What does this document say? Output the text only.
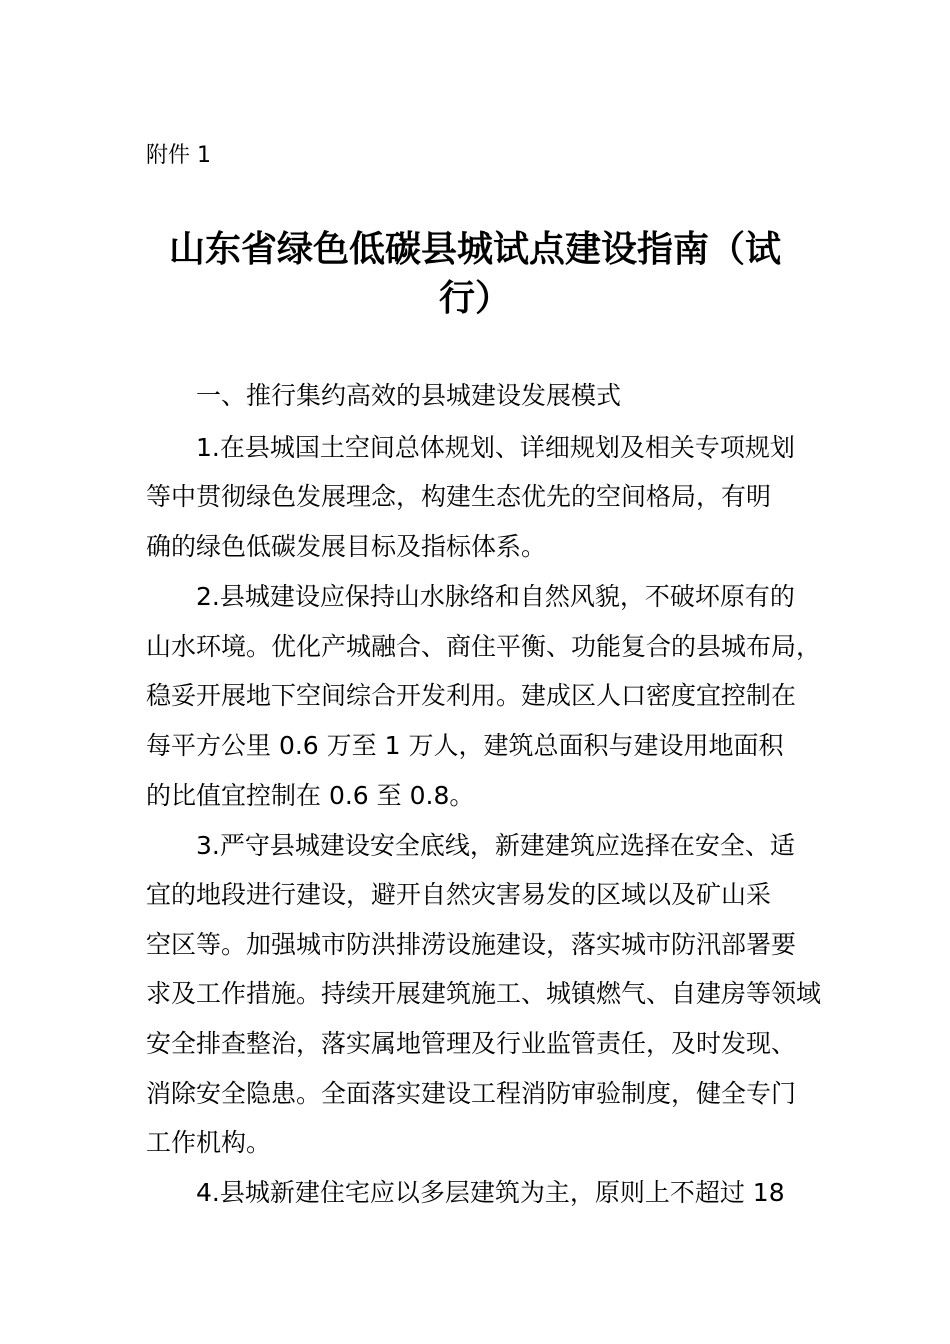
附件 1
山东省绿色低碳县城试点建设指南（试
行）
一、推行集约高效的县城建设发展模式
1.在县城国土空间总体规划、详细规划及相关专项规划
等中贯彻绿色发展理念，构建生态优先的空间格局，有明
确的绿色低碳发展目标及指标体系。
2.县城建设应保持山水脉络和自然风貌，不破坏原有的
山水环境。优化产城融合、商住平衡、功能复合的县城布局，
稳妥开展地下空间综合开发利用。建成区人口密度宜控制在
每平方公里 0.6 万至 1 万人，建筑总面积与建设用地面积
的比值宜控制在 0.6 至 0.8。
3.严守县城建设安全底线，新建建筑应选择在安全、适
宜的地段进行建设，避开自然灾害易发的区域以及矿山采
空区等。加强城市防洪排涝设施建设，落实城市防汛部署要
求及工作措施。持续开展建筑施工、城镇燃气、自建房等领域
安全排查整治，落实属地管理及行业监管责任，及时发现、
消除安全隐患。全面落实建设工程消防审验制度，健全专门
工作机构。
4.县城新建住宅应以多层建筑为主，原则上不超过 18
